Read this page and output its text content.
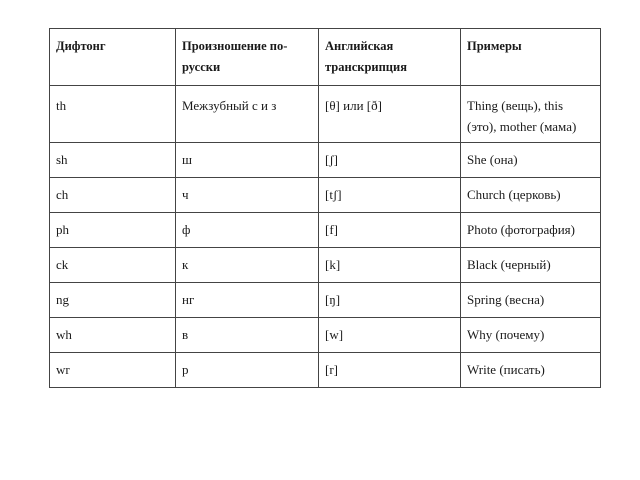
Дифтонг	Произношение по-русски	Английская транскрипция	Примеры
th	Межзубный с и з	[θ] или [ð]	Thing (вещь), this (это), mother (мама)
sh	ш	[ʃ]	She (она)
ch	ч	[tʃ]	Church (церковь)
ph	ф	[f]	Photo (фотография)
ck	к	[k]	Black (черный)
ng	нг	[ŋ]	Spring (весна)
wh	в	[w]	Why (почему)
wr	р	[r]	Write (писать)
